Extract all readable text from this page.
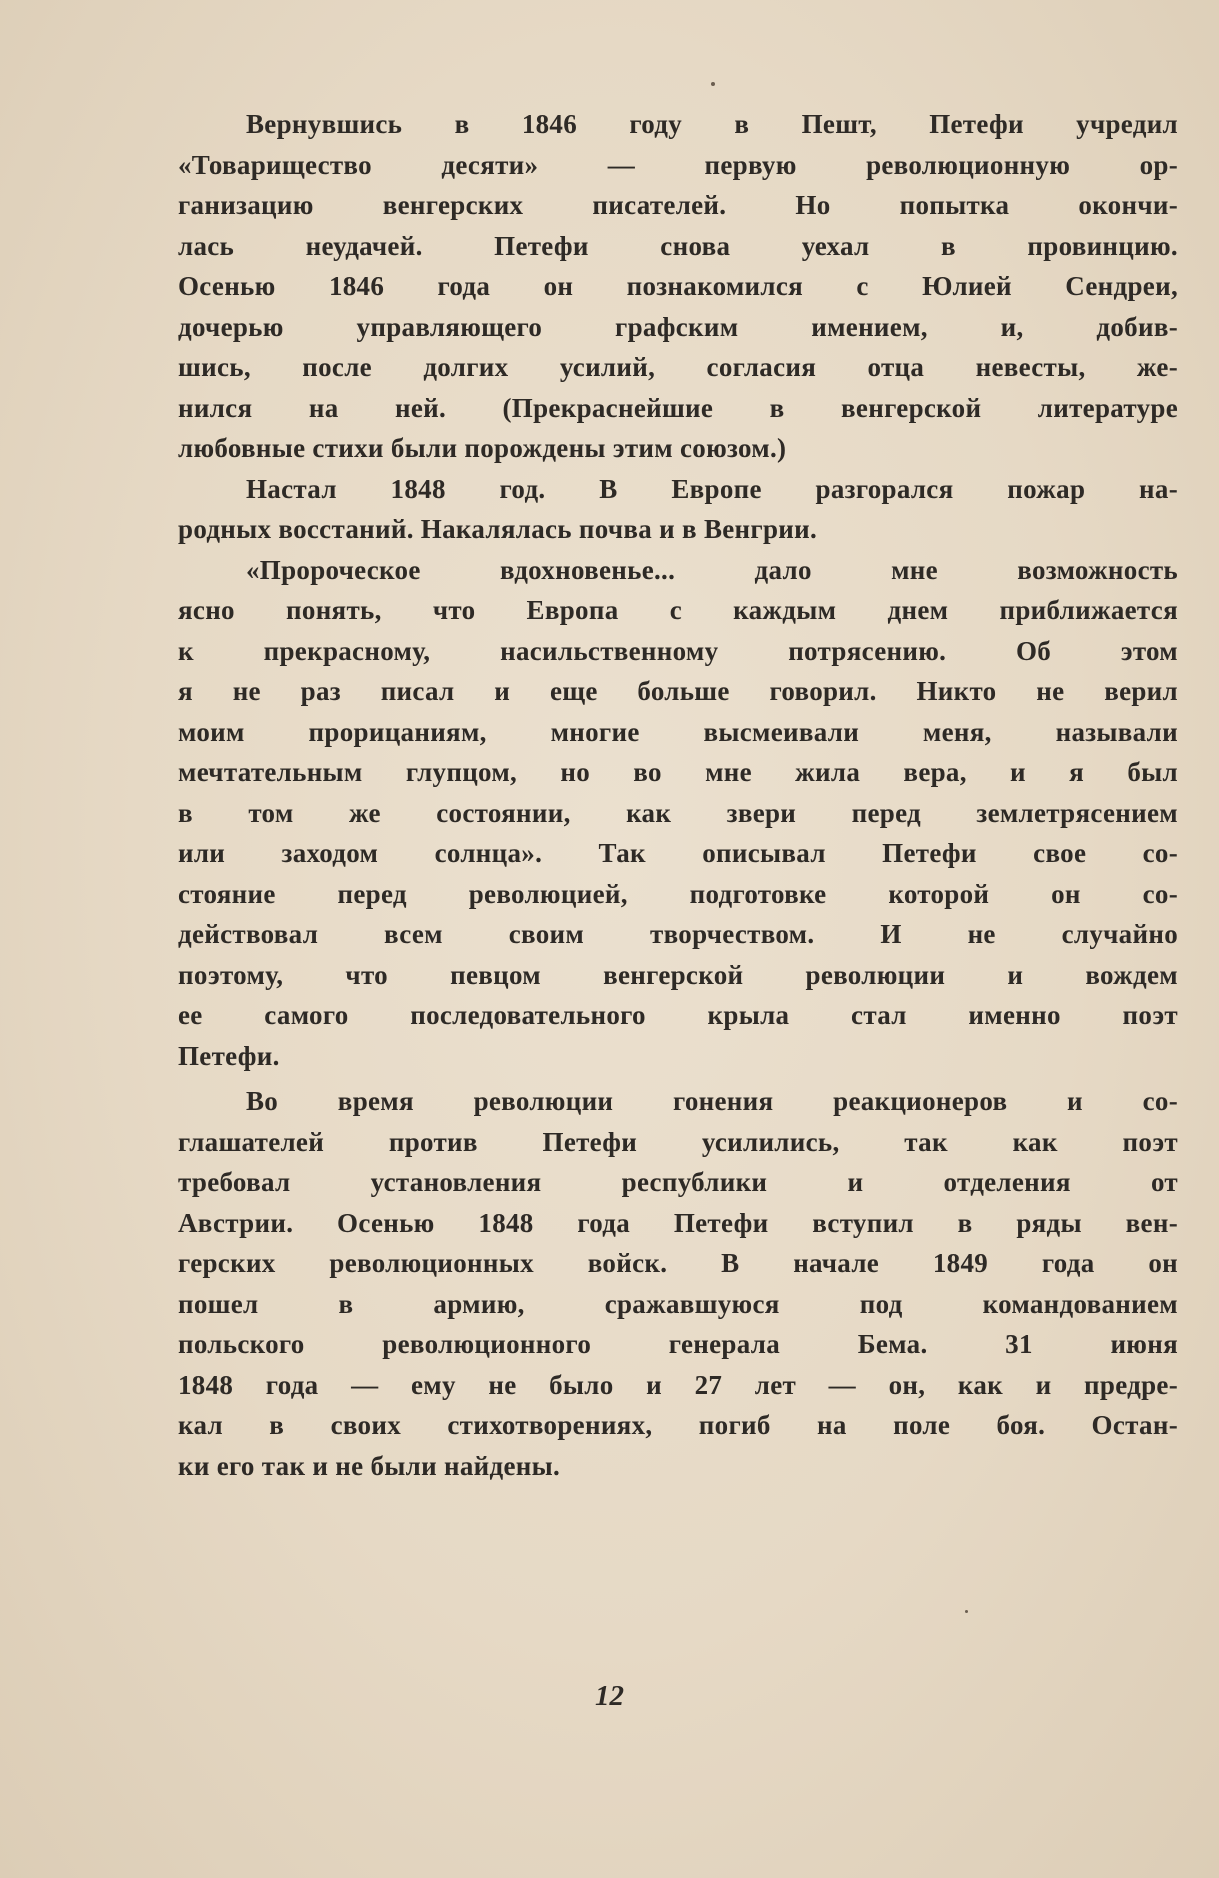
Вернувшись в 1846 году в Пешт, Петефи учредил
«Товарищество десяти» — первую революционную ор-
ганизацию венгерских писателей. Но попытка окончи-
лась неудачей. Петефи снова уехал в провинцию.
Осенью 1846 года он познакомился с Юлией Сендреи,
дочерью управляющего графским имением, и, добив-
шись, после долгих усилий, согласия отца невесты, же-
нился на ней. (Прекраснейшие в венгерской литературе
любовные стихи были порождены этим союзом.)
Настал 1848 год. В Европе разгорался пожар на-
родных восстаний. Накалялась почва и в Венгрии.
«Пророческое вдохновенье... дало мне возможность
ясно понять, что Европа с каждым днем приближается
к прекрасному, насильственному потрясению. Об этом
я не раз писал и еще больше говорил. Никто не верил
моим прорицаниям, многие высмеивали меня, называли
мечтательным глупцом, но во мне жила вера, и я был
в том же состоянии, как звери перед землетрясением
или заходом солнца». Так описывал Петефи свое со-
стояние перед революцией, подготовке которой он со-
действовал всем своим творчеством. И не случайно
поэтому, что певцом венгерской революции и вождем
ее самого последовательного крыла стал именно поэт
Петефи.
Во время революции гонения реакционеров и со-
глашателей против Петефи усилились, так как поэт
требовал установления республики и отделения от
Австрии. Осенью 1848 года Петефи вступил в ряды вен-
герских революционных войск. В начале 1849 года он
пошел в армию, сражавшуюся под командованием
польского революционного генерала Бема. 31 июня
1848 года — ему не было и 27 лет — он, как и предре-
кал в своих стихотворениях, погиб на поле боя. Остан-
ки его так и не были найдены.
12
